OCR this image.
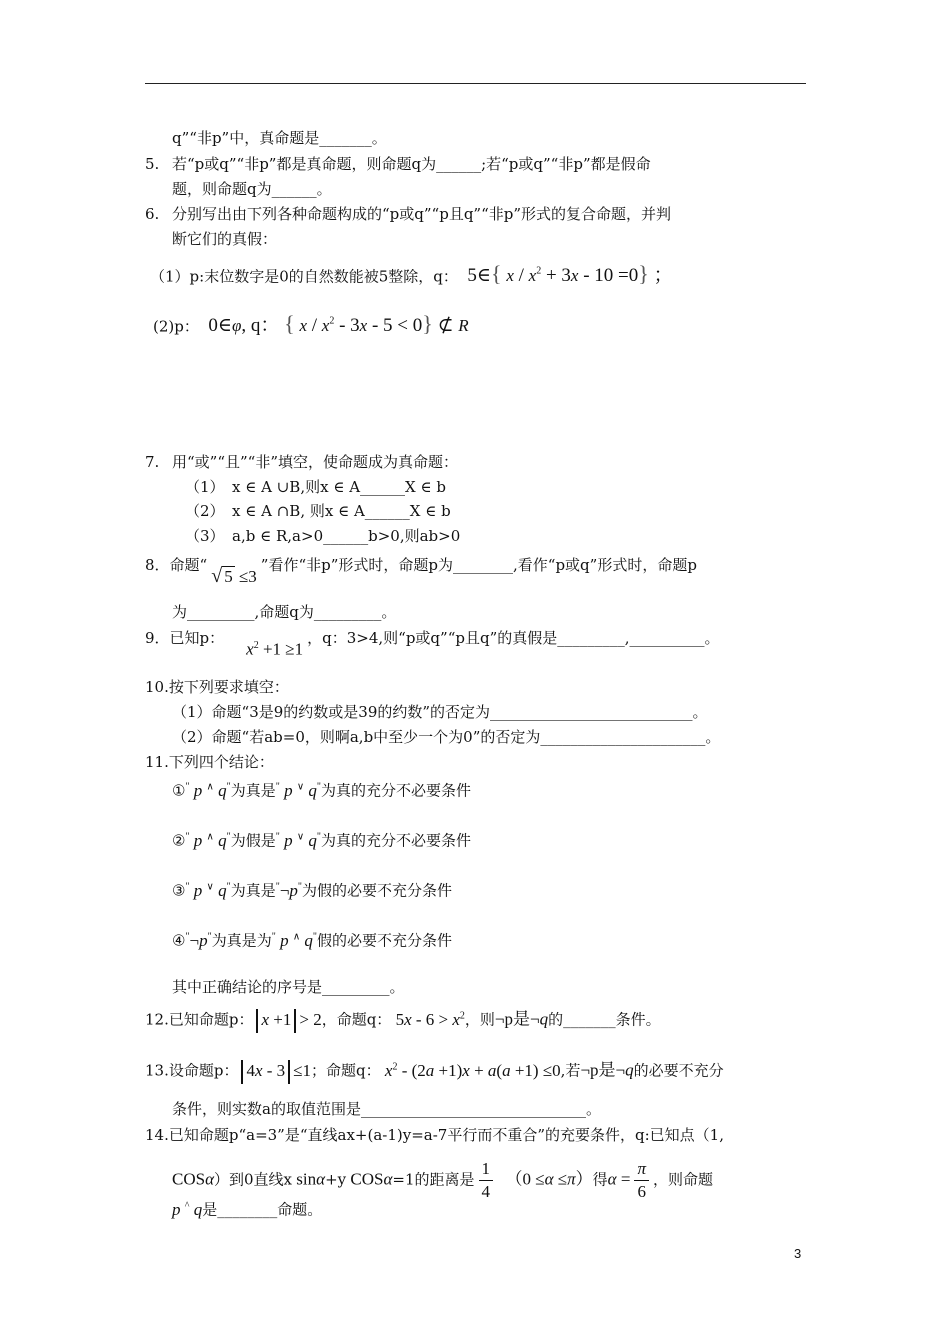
q”“非p”中，真命题是_______。
5. 若“p或q”“非p”都是真命题，则命题q为______;若“p或q”“非p”都是假命
题，则命题q为______。
6. 分别写出由下列各种命题构成的“p或q”“p且q”“非p”形式的复合命题，并判
断它们的真假：
（1）p:末位数字是0的自然数能被5整除，q：  5∈{ $x / x^2 + 3x - 10 =0$} ；
(2)p：  0∈φ, q： { $x / x^2 - 3x - 5 < 0$} ⊄ R
7. 用“或”“且”“非”填空，使命题成为真命题：
（1）　x ∈ A ∪B,则x ∈ A______X ∈ b
（2）　x ∈ A ∩B, 则x ∈ A______X ∈ b
（3）　a,b ∈ R,a>0______b>0,则ab>0
8．命题“ √ 5 ≤3”看作“非p”形式时，命题p为________,看作“p或q”形式时，命题p
为_________,命题q为_________。
9．已知p：$x^2 +1 \ge 1$，q：3>4,则“p或q”“p且q”的真假是_________,__________。
10.按下列要求填空：
（1）命题“3是9的约数或是39的约数”的否定为___________________________。
（2）命题“若ab=0，则啊a,b中至少一个为0”的否定为______________________。
11.下列四个结论：
①" p ∧ q"为真是" p ∨ q"为真的充分不必要条件
②" p ∧ q"为假是" p ∨ q"为真的充分不必要条件
③" p ∨ q"为真是"¬p"为假的必要不充分条件
④"¬p"为真是为" p ∧ q"假的必要不充分条件
其中正确结论的序号是_________。
12.已知命题p： x +1 > 2，命题q： $5x - 6 > x^2$，则¬p是¬q的_______条件。
13.设命题p： 4x - 3 ≤1；命题q： $x^2 - (2a +1)x + a(a +1) \le 0$,若¬p是¬q的必要不充分
条件，则实数a的取值范围是______________________________。
14.已知命题p“a=3”是“直线ax+(a-1)y=a-7平行而不重合”的充要条件，q:已知点（1,
COSα）到0直线x sinα+y COSα=1的距离是 $\frac{1}{4} (0 \le\alpha \le\pi)$得$\alpha = \frac{\pi}{6}$ ，则命题
p ^ q是________命题。
3
